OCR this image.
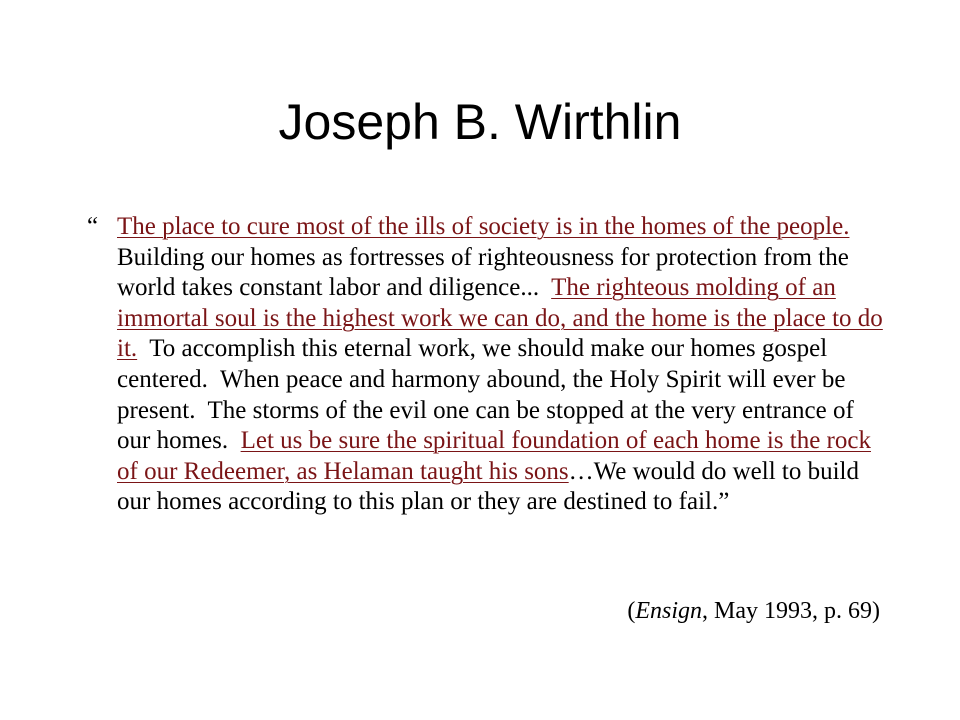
Joseph B. Wirthlin

“ The place to cure most of the ills of society is in the homes of the people.  Building our homes as fortresses of righteousness for protection from the world takes constant labor and diligence...  The righteous molding of an immortal soul is the highest work we can do, and the home is the place to do it.  To accomplish this eternal work, we should make our homes gospel centered.  When peace and harmony abound, the Holy Spirit will ever be present.  The storms of the evil one can be stopped at the very entrance of our homes.  Let us be sure the spiritual foundation of each home is the rock of our Redeemer, as Helaman taught his sons…We would do well to build our homes according to this plan or they are destined to fail.”

(Ensign, May 1993, p. 69)
